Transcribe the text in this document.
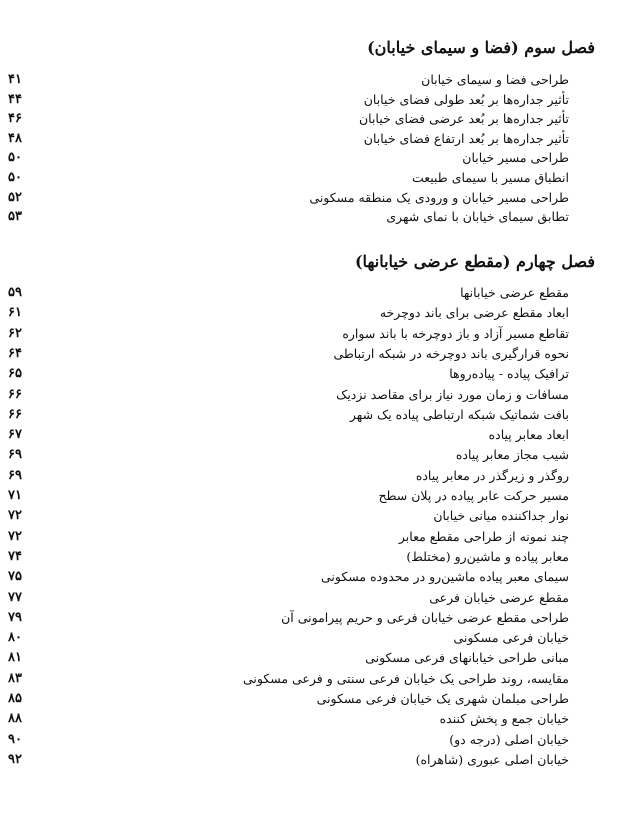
فصل سوم (فضا و سیمای خیابان)
طراحی فضا و سیمای خیابان
۴۱
تأثیر جدارەها بر بُعد طولی فضای خیابان
۴۴
تأثیر جدارەها بر بُعد عرضی فضای خیابان
۴۶
تأثیر جدارەها بر بُعد ارتفاع فضای خیابان
۴۸
طراحی مسیر خیابان
۵۰
انطباق مسیر با سیمای طبیعت
۵۰
طراحی مسیر خیابان و ورودی یک منطقه مسکونی
۵۲
تطابق سیمای خیابان با نمای شهری
۵۳
فصل چهارم (مقطع عرضی خیابانها)
مقطع عرضی خیابانها
۵۹
ابعاد مقطع عرضی برای باند دوچرخه
۶۱
تقاطع مسیر آزاد و باز دوچرخه با باند سواره
۶۲
نحوه قرارگیری باند دوچرخه در شبکه ارتباطی
۶۴
ترافیک پیاده - پیادەروها
۶۵
مسافات و زمان مورد نیاز برای مقاصد نزدیک
۶۶
بافت شماتیک شبکه ارتباطی پیاده یک شهر
۶۶
ابعاد معابر پیاده
۶۷
شیب مجاز معابر پیاده
۶۹
روگذر و زیرگذر در معابر پیاده
۶۹
مسیر حرکت عابر پیاده در پلان سطح
۷۱
نوار جداکننده میانی خیابان
۷۲
چند نمونه از طراحی مقطع معابر
۷۲
معابر پیاده و ماشین‌رو (مختلط)
۷۴
سیمای معبر پیاده ماشین‌رو در محدوده مسکونی
۷۵
مقطع عرضی خیابان فرعی
۷۷
طراحی مقطع عرضی خیابان فرعی و حریم پیرامونی آن
۷۹
خیابان فرعی مسکونی
۸۰
مبانی طراحی خیابانهای فرعی مسکونی
۸۱
مقایسه، روند طراحی یک خیابان فرعی سنتی و فرعی مسکونی
۸۳
طراحی مبلمان شهری یک خیابان فرعی مسکونی
۸۵
خیابان جمع و پخش کننده
۸۸
خیابان اصلی (درجه دو)
۹۰
خیابان اصلی عبوری (شاهراه)
۹۲
